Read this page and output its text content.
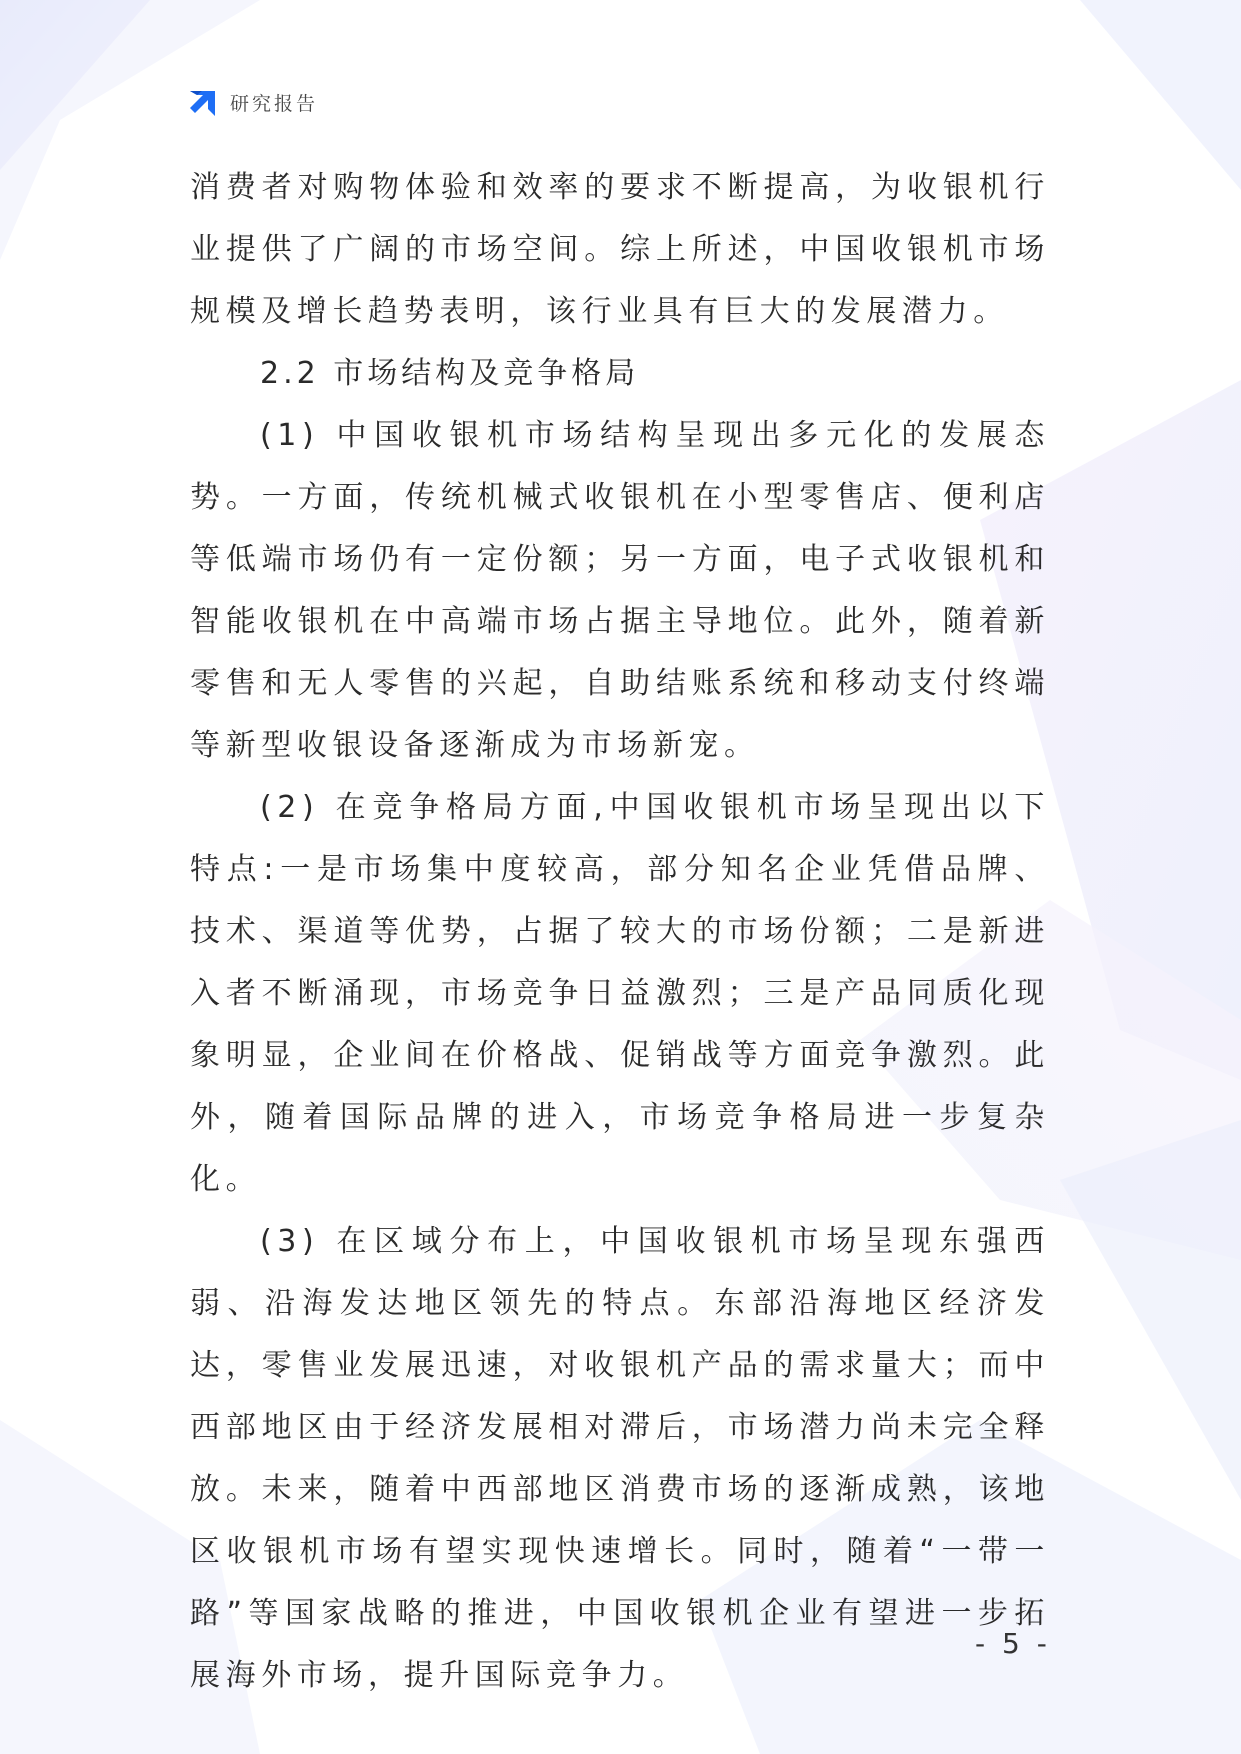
研究报告

消费者对购物体验和效率的要求不断提高，为收银机行业提供了广阔的市场空间。综上所述，中国收银机市场规模及增长趋势表明，该行业具有巨大的发展潜力。

2.2 市场结构及竞争格局

(1) 中国收银机市场结构呈现出多元化的发展态势。一方面，传统机械式收银机在小型零售店、便利店等低端市场仍有一定份额；另一方面，电子式收银机和智能收银机在中高端市场占据主导地位。此外，随着新零售和无人零售的兴起，自助结账系统和移动支付终端等新型收银设备逐渐成为市场新宠。

(2) 在竞争格局方面,中国收银机市场呈现出以下特点:一是市场集中度较高，部分知名企业凭借品牌、技术、渠道等优势，占据了较大的市场份额；二是新进入者不断涌现，市场竞争日益激烈；三是产品同质化现象明显，企业间在价格战、促销战等方面竞争激烈。此外，随着国际品牌的进入，市场竞争格局进一步复杂化。

(3) 在区域分布上，中国收银机市场呈现东强西弱、沿海发达地区领先的特点。东部沿海地区经济发达，零售业发展迅速，对收银机产品的需求量大；而中西部地区由于经济发展相对滞后，市场潜力尚未完全释放。未来，随着中西部地区消费市场的逐渐成熟，该地区收银机市场有望实现快速增长。同时，随着“一带一路”等国家战略的推进，中国收银机企业有望进一步拓展海外市场，提升国际竞争力。

- 5 -
